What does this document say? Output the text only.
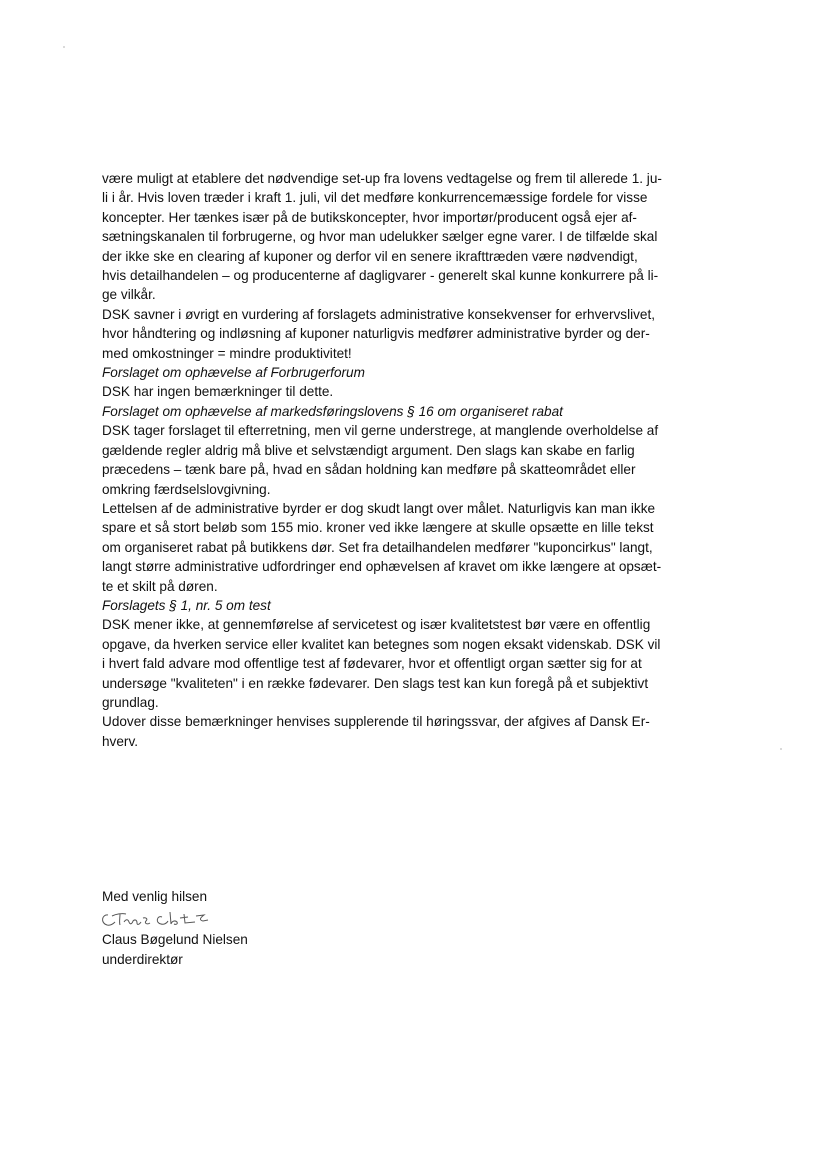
være muligt at etablere det nødvendige set-up fra lovens vedtagelse og frem til allerede 1. ju-
li i år. Hvis loven træder i kraft 1. juli, vil det medføre konkurrencemæssige fordele for visse
koncepter. Her tænkes især på de butikskoncepter, hvor importør/producent også ejer af-
sætningskanalen til forbrugerne, og hvor man udelukker sælger egne varer. I de tilfælde skal
der ikke ske en clearing af kuponer og derfor vil en senere ikrafttræden være nødvendigt,
hvis detailhandelen – og producenterne af dagligvarer - generelt skal kunne konkurrere på li-
ge vilkår.

DSK savner i øvrigt en vurdering af forslagets administrative konsekvenser for erhvervslivet,
hvor håndtering og indløsning af kuponer naturligvis medfører administrative byrder og der-
med omkostninger = mindre produktivitet!

Forslaget om ophævelse af Forbrugerforum
DSK har ingen bemærkninger til dette.

Forslaget om ophævelse af markedsføringslovens § 16 om organiseret rabat
DSK tager forslaget til efterretning, men vil gerne understrege, at manglende overholdelse af
gældende regler aldrig må blive et selvstændigt argument. Den slags kan skabe en farlig
præcedens – tænk bare på, hvad en sådan holdning kan medføre på skatteområdet eller
omkring færdselslovgivning.

Lettelsen af de administrative byrder er dog skudt langt over målet. Naturligvis kan man ikke
spare et så stort beløb som 155 mio. kroner ved ikke længere at skulle opsætte en lille tekst
om organiseret rabat på butikkens dør. Set fra detailhandelen medfører "kuponcirkus" langt,
langt større administrative udfordringer end ophævelsen af kravet om ikke længere at opsæt-
te et skilt på døren.

Forslagets § 1, nr. 5 om test
DSK mener ikke, at gennemførelse af servicetest og især kvalitetstest bør være en offentlig
opgave, da hverken service eller kvalitet kan betegnes som nogen eksakt videnskab. DSK vil
i hvert fald advare mod offentlige test af fødevarer, hvor et offentligt organ sætter sig for at
undersøge "kvaliteten" i en række fødevarer. Den slags test kan kun foregå på et subjektivt
grundlag.

Udover disse bemærkninger henvises supplerende til høringssvar, der afgives af Dansk Er-
hverv.

Med venlig hilsen
Claus Bøgelund Nielsen
underdirektør
